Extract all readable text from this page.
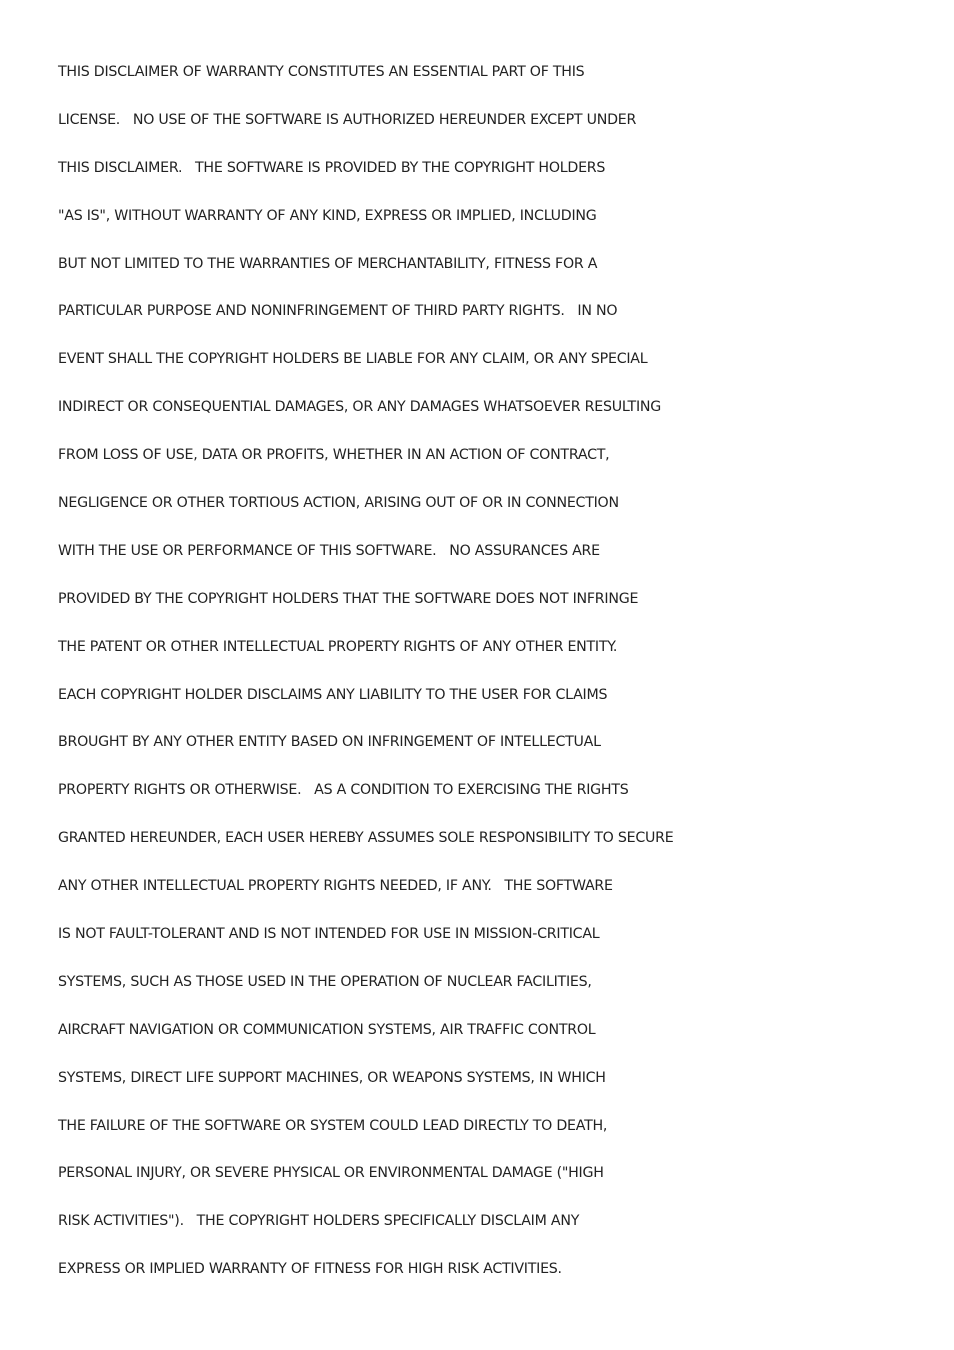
THIS DISCLAIMER OF WARRANTY CONSTITUTES AN ESSENTIAL PART OF THIS
LICENSE.   NO USE OF THE SOFTWARE IS AUTHORIZED HEREUNDER EXCEPT UNDER
THIS DISCLAIMER.   THE SOFTWARE IS PROVIDED BY THE COPYRIGHT HOLDERS
"AS IS", WITHOUT WARRANTY OF ANY KIND, EXPRESS OR IMPLIED, INCLUDING
BUT NOT LIMITED TO THE WARRANTIES OF MERCHANTABILITY, FITNESS FOR A
PARTICULAR PURPOSE AND NONINFRINGEMENT OF THIRD PARTY RIGHTS.   IN NO
EVENT SHALL THE COPYRIGHT HOLDERS BE LIABLE FOR ANY CLAIM, OR ANY SPECIAL
INDIRECT OR CONSEQUENTIAL DAMAGES, OR ANY DAMAGES WHATSOEVER RESULTING
FROM LOSS OF USE, DATA OR PROFITS, WHETHER IN AN ACTION OF CONTRACT,
NEGLIGENCE OR OTHER TORTIOUS ACTION, ARISING OUT OF OR IN CONNECTION
WITH THE USE OR PERFORMANCE OF THIS SOFTWARE.   NO ASSURANCES ARE
PROVIDED BY THE COPYRIGHT HOLDERS THAT THE SOFTWARE DOES NOT INFRINGE
THE PATENT OR OTHER INTELLECTUAL PROPERTY RIGHTS OF ANY OTHER ENTITY.
EACH COPYRIGHT HOLDER DISCLAIMS ANY LIABILITY TO THE USER FOR CLAIMS
BROUGHT BY ANY OTHER ENTITY BASED ON INFRINGEMENT OF INTELLECTUAL
PROPERTY RIGHTS OR OTHERWISE.   AS A CONDITION TO EXERCISING THE RIGHTS
GRANTED HEREUNDER, EACH USER HEREBY ASSUMES SOLE RESPONSIBILITY TO SECURE
ANY OTHER INTELLECTUAL PROPERTY RIGHTS NEEDED, IF ANY.   THE SOFTWARE
IS NOT FAULT-TOLERANT AND IS NOT INTENDED FOR USE IN MISSION-CRITICAL
SYSTEMS, SUCH AS THOSE USED IN THE OPERATION OF NUCLEAR FACILITIES,
AIRCRAFT NAVIGATION OR COMMUNICATION SYSTEMS, AIR TRAFFIC CONTROL
SYSTEMS, DIRECT LIFE SUPPORT MACHINES, OR WEAPONS SYSTEMS, IN WHICH
THE FAILURE OF THE SOFTWARE OR SYSTEM COULD LEAD DIRECTLY TO DEATH,
PERSONAL INJURY, OR SEVERE PHYSICAL OR ENVIRONMENTAL DAMAGE ("HIGH
RISK ACTIVITIES").   THE COPYRIGHT HOLDERS SPECIFICALLY DISCLAIM ANY
EXPRESS OR IMPLIED WARRANTY OF FITNESS FOR HIGH RISK ACTIVITIES.
